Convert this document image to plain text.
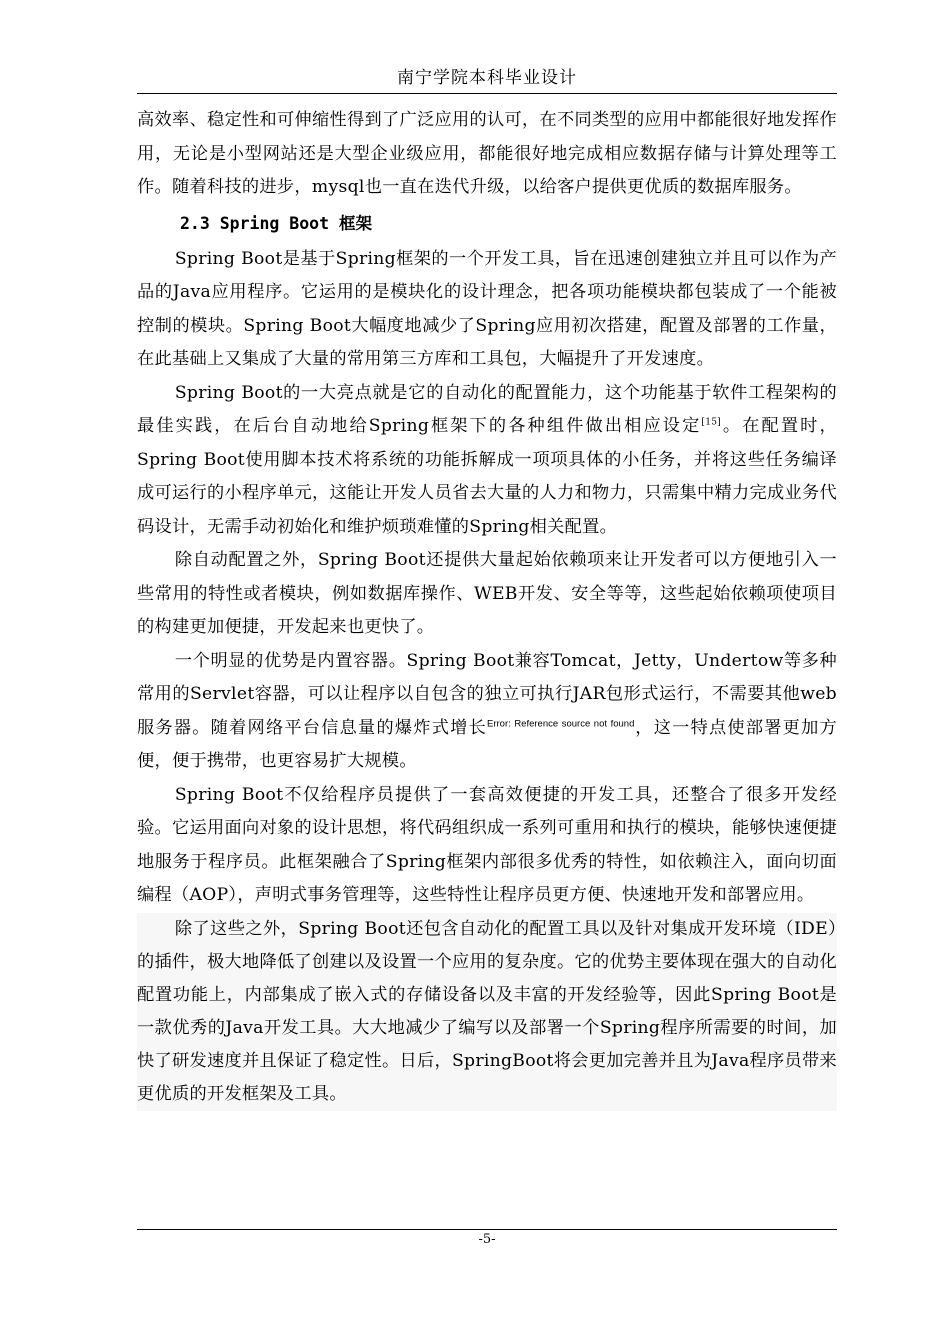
南宁学院本科毕业设计

高效率、稳定性和可伸缩性得到了广泛应用的认可，在不同类型的应用中都能很好地发挥作用，无论是小型网站还是大型企业级应用，都能很好地完成相应数据存储与计算处理等工作。随着科技的进步，mysql也一直在迭代升级，以给客户提供更优质的数据库服务。

2.3 Spring Boot 框架

Spring Boot是基于Spring框架的一个开发工具，旨在迅速创建独立并且可以作为产品的Java应用程序。它运用的是模块化的设计理念，把各项功能模块都包装成了一个能被控制的模块。Spring Boot大幅度地减少了Spring应用初次搭建，配置及部署的工作量，在此基础上又集成了大量的常用第三方库和工具包，大幅提升了开发速度。

Spring Boot的一大亮点就是它的自动化的配置能力，这个功能基于软件工程架构的最佳实践，在后台自动地给Spring框架下的各种组件做出相应设定[15]。在配置时，Spring Boot使用脚本技术将系统的功能拆解成一项项具体的小任务，并将这些任务编译成可运行的小程序单元，这能让开发人员省去大量的人力和物力，只需集中精力完成业务代码设计，无需手动初始化和维护烦琐难懂的Spring相关配置。

除自动配置之外，Spring Boot还提供大量起始依赖项来让开发者可以方便地引入一些常用的特性或者模块，例如数据库操作、WEB开发、安全等等，这些起始依赖项使项目的构建更加便捷，开发起来也更快了。

一个明显的优势是内置容器。Spring Boot兼容Tomcat，Jetty，Undertow等多种常用的Servlet容器，可以让程序以自包含的独立可执行JAR包形式运行，不需要其他web服务器。随着网络平台信息量的爆炸式增长$^{Error: Reference source not found}$，这一特点使部署更加方便，便于携带，也更容易扩大规模。

Spring Boot不仅给程序员提供了一套高效便捷的开发工具，还整合了很多开发经验。它运用面向对象的设计思想，将代码组织成一系列可重用和执行的模块，能够快速便捷地服务于程序员。此框架融合了Spring框架内部很多优秀的特性，如依赖注入，面向切面编程（AOP），声明式事务管理等，这些特性让程序员更方便、快速地开发和部署应用。

除了这些之外，Spring Boot还包含自动化的配置工具以及针对集成开发环境（IDE）的插件，极大地降低了创建以及设置一个应用的复杂度。它的优势主要体现在强大的自动化配置功能上，内部集成了嵌入式的存储设备以及丰富的开发经验等，因此Spring Boot是一款优秀的Java开发工具。大大地减少了编写以及部署一个Spring程序所需要的时间，加快了研发速度并且保证了稳定性。日后，SpringBoot将会更加完善并且为Java程序员带来更优质的开发框架及工具。

-5-
